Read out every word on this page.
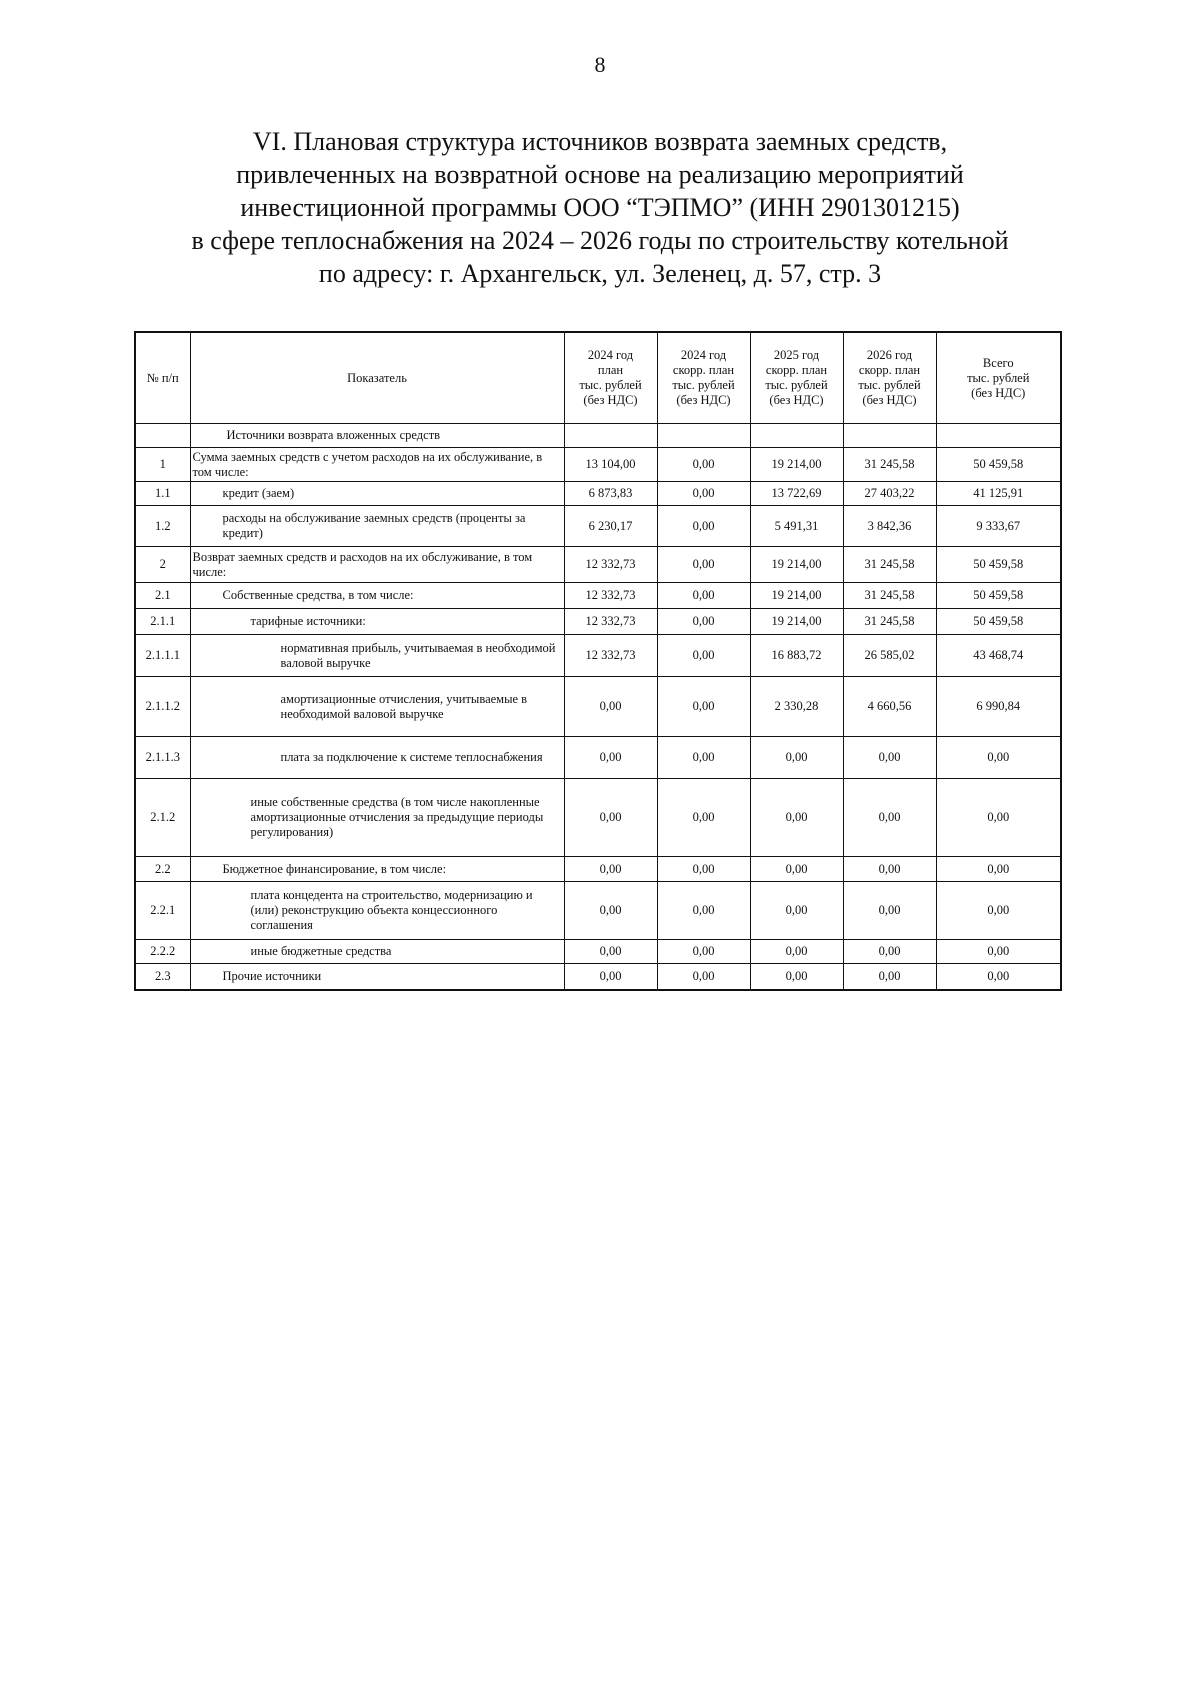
8
VI. Плановая структура источников возврата заемных средств,
привлеченных на возвратной основе на реализацию мероприятий
инвестиционной программы ООО “ТЭПМО” (ИНН 2901301215)
в сфере теплоснабжения на 2024 – 2026 годы по строительству котельной
по адресу: г. Архангельск, ул. Зеленец, д. 57, стр. 3
№ п/п	Показатель	2024 год
план
тыс. рублей
(без НДС)	2024 год
скорр. план
тыс. рублей
(без НДС)	2025 год
скорр. план
тыс. рублей
(без НДС)	2026 год
скорр. план
тыс. рублей
(без НДС)	Всего
тыс. рублей
(без НДС)

	Источники возврата вложенных средств					
1	Сумма заемных средств с учетом расходов на их обслуживание, в том числе:	13 104,00	0,00	19 214,00	31 245,58	50 459,58
1.1	кредит (заем)	6 873,83	0,00	13 722,69	27 403,22	41 125,91
1.2	расходы на обслуживание заемных средств (проценты за кредит)	6 230,17	0,00	5 491,31	3 842,36	9 333,67
2	Возврат заемных средств и расходов на их обслуживание, в том числе:	12 332,73	0,00	19 214,00	31 245,58	50 459,58
2.1	Собственные средства, в том числе:	12 332,73	0,00	19 214,00	31 245,58	50 459,58
2.1.1	тарифные источники:	12 332,73	0,00	19 214,00	31 245,58	50 459,58
2.1.1.1	нормативная прибыль, учитываемая в необходимой валовой выручке	12 332,73	0,00	16 883,72	26 585,02	43 468,74
2.1.1.2	амортизационные отчисления, учитываемые в необходимой валовой выручке	0,00	0,00	2 330,28	4 660,56	6 990,84
2.1.1.3	плата за подключение к системе теплоснабжения	0,00	0,00	0,00	0,00	0,00
2.1.2	иные собственные средства (в том числе накопленные амортизационные отчисления за предыдущие периоды регулирования)	0,00	0,00	0,00	0,00	0,00
2.2	Бюджетное финансирование, в том числе:	0,00	0,00	0,00	0,00	0,00
2.2.1	плата концедента на строительство, модернизацию и (или) реконструкцию объекта концессионного соглашения	0,00	0,00	0,00	0,00	0,00
2.2.2	иные бюджетные средства	0,00	0,00	0,00	0,00	0,00
2.3	Прочие источники	0,00	0,00	0,00	0,00	0,00
